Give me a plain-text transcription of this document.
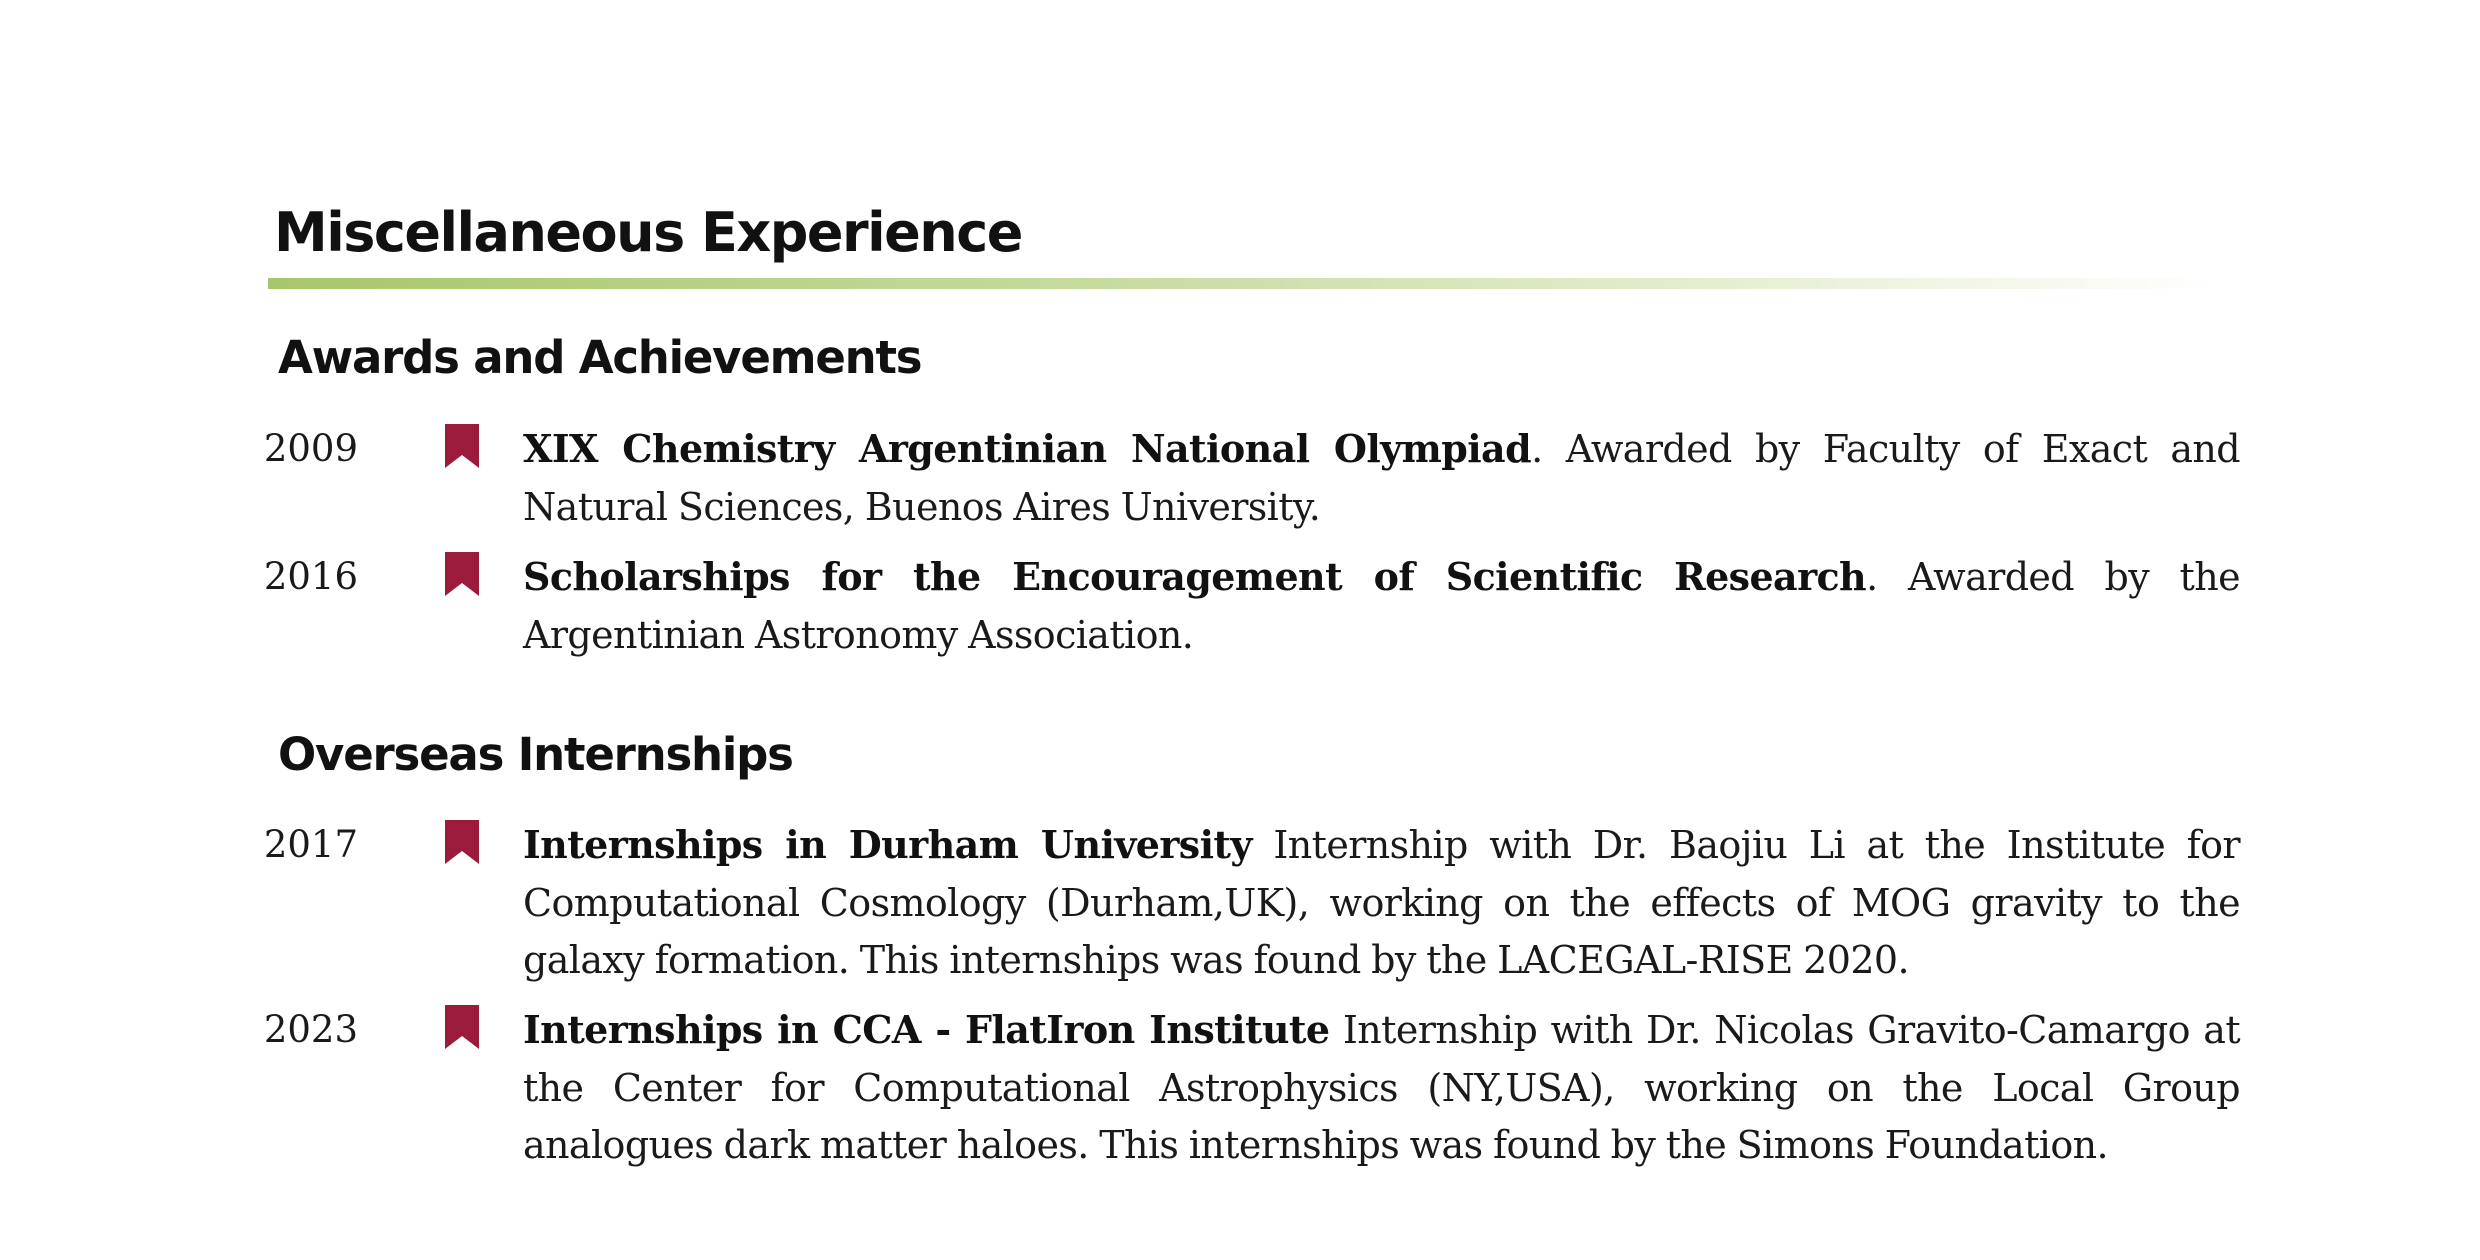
Miscellaneous Experience
Awards and Achievements
2009	XIX Chemistry Argentinian National Olympiad. Awarded by Faculty of Exact and Natural Sciences, Buenos Aires University.
2016	Scholarships for the Encouragement of Scientific Research. Awarded by the Argentinian Astronomy Association.
Overseas Internships
2017	Internships in Durham University Internship with Dr. Baojiu Li at the Institute for Computational Cosmology (Durham,UK), working on the effects of MOG gravity to the galaxy formation. This internships was found by the LACEGAL-RISE 2020.
2023	Internships in CCA - FlatIron Institute Internship with Dr. Nicolas Gravito-Camargo at the Center for Computational Astrophysics (NY,USA), working on the Local Group analogues dark matter haloes. This internships was found by the Simons Foundation.
